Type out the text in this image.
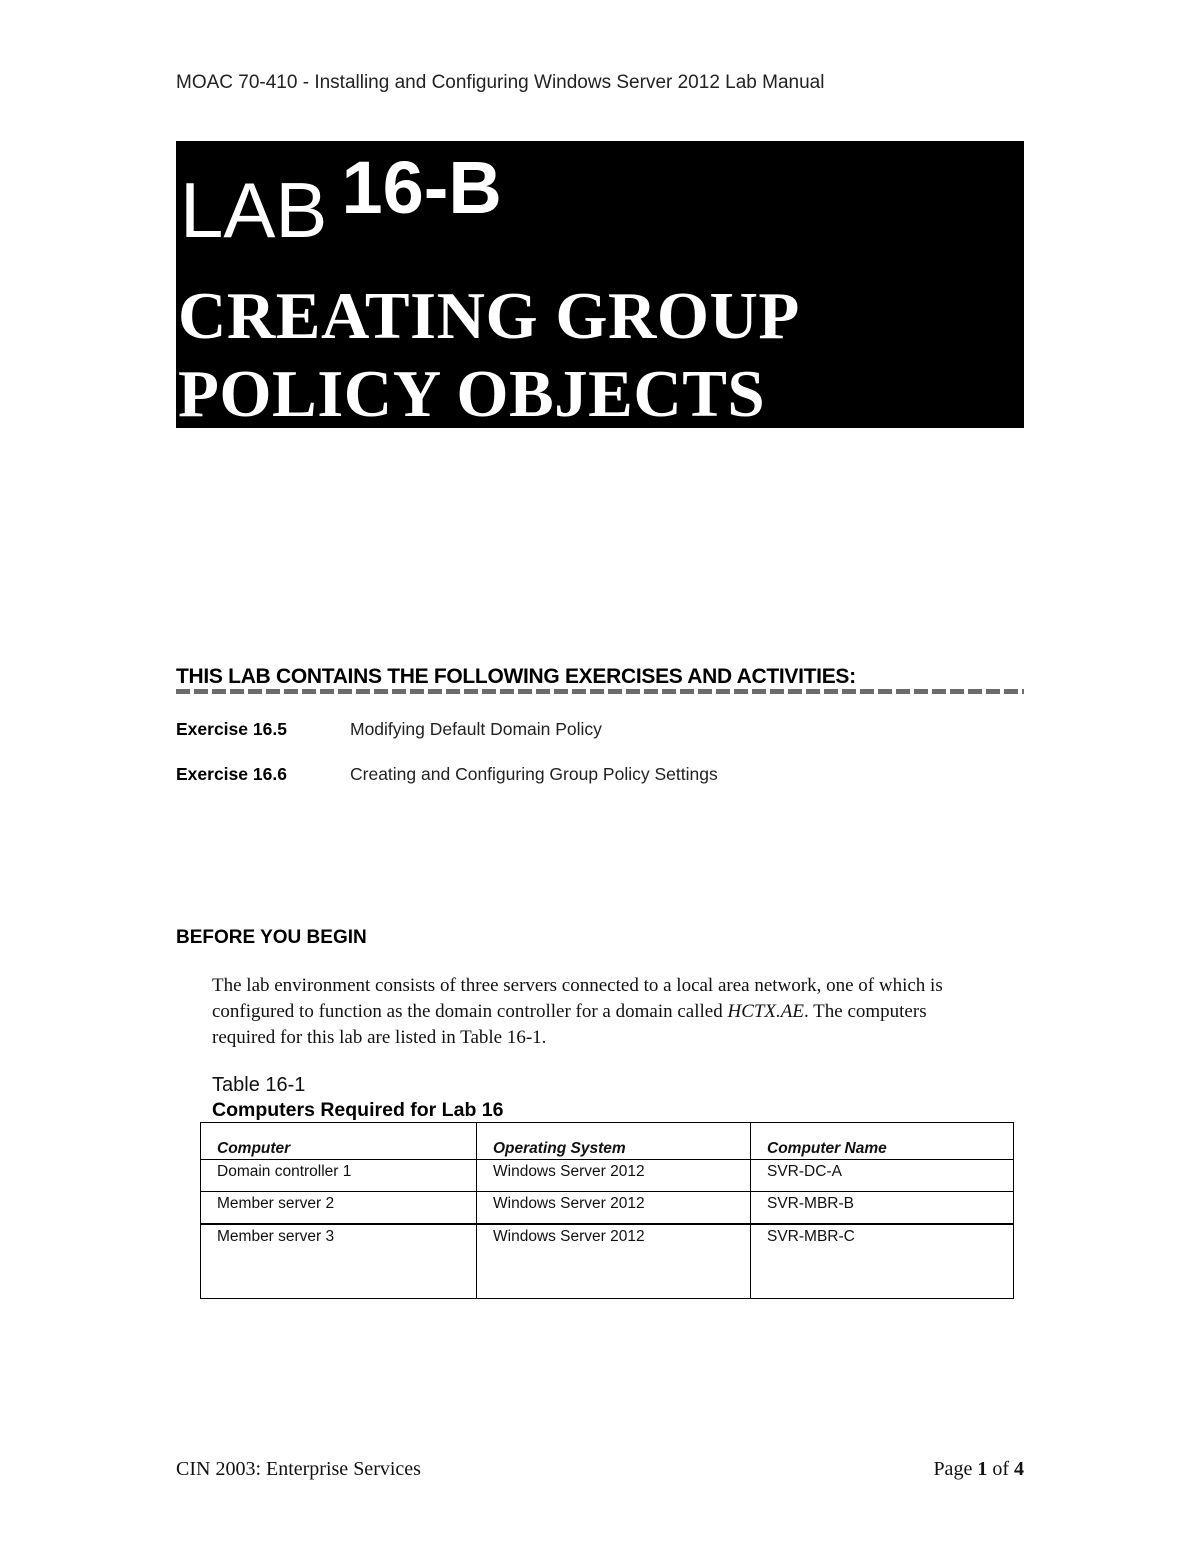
MOAC 70-410 - Installing and Configuring Windows Server 2012 Lab Manual
LAB 16-B
CREATING GROUP
POLICY OBJECTS
THIS LAB CONTAINS THE FOLLOWING EXERCISES AND ACTIVITIES:
Exercise 16.5	Modifying Default Domain Policy
Exercise 16.6	Creating and Configuring Group Policy Settings
BEFORE YOU BEGIN
The lab environment consists of three servers connected to a local area network, one of which is configured to function as the domain controller for a domain called HCTX.AE. The computers required for this lab are listed in Table 16-1.
Table 16-1
Computers Required for Lab 16
Computer	Operating System	Computer Name
Domain controller 1	Windows Server 2012	SVR-DC-A
Member server 2	Windows Server 2012	SVR-MBR-B
Member server 3	Windows Server 2012	SVR-MBR-C
CIN 2003: Enterprise Services	Page 1 of 4
